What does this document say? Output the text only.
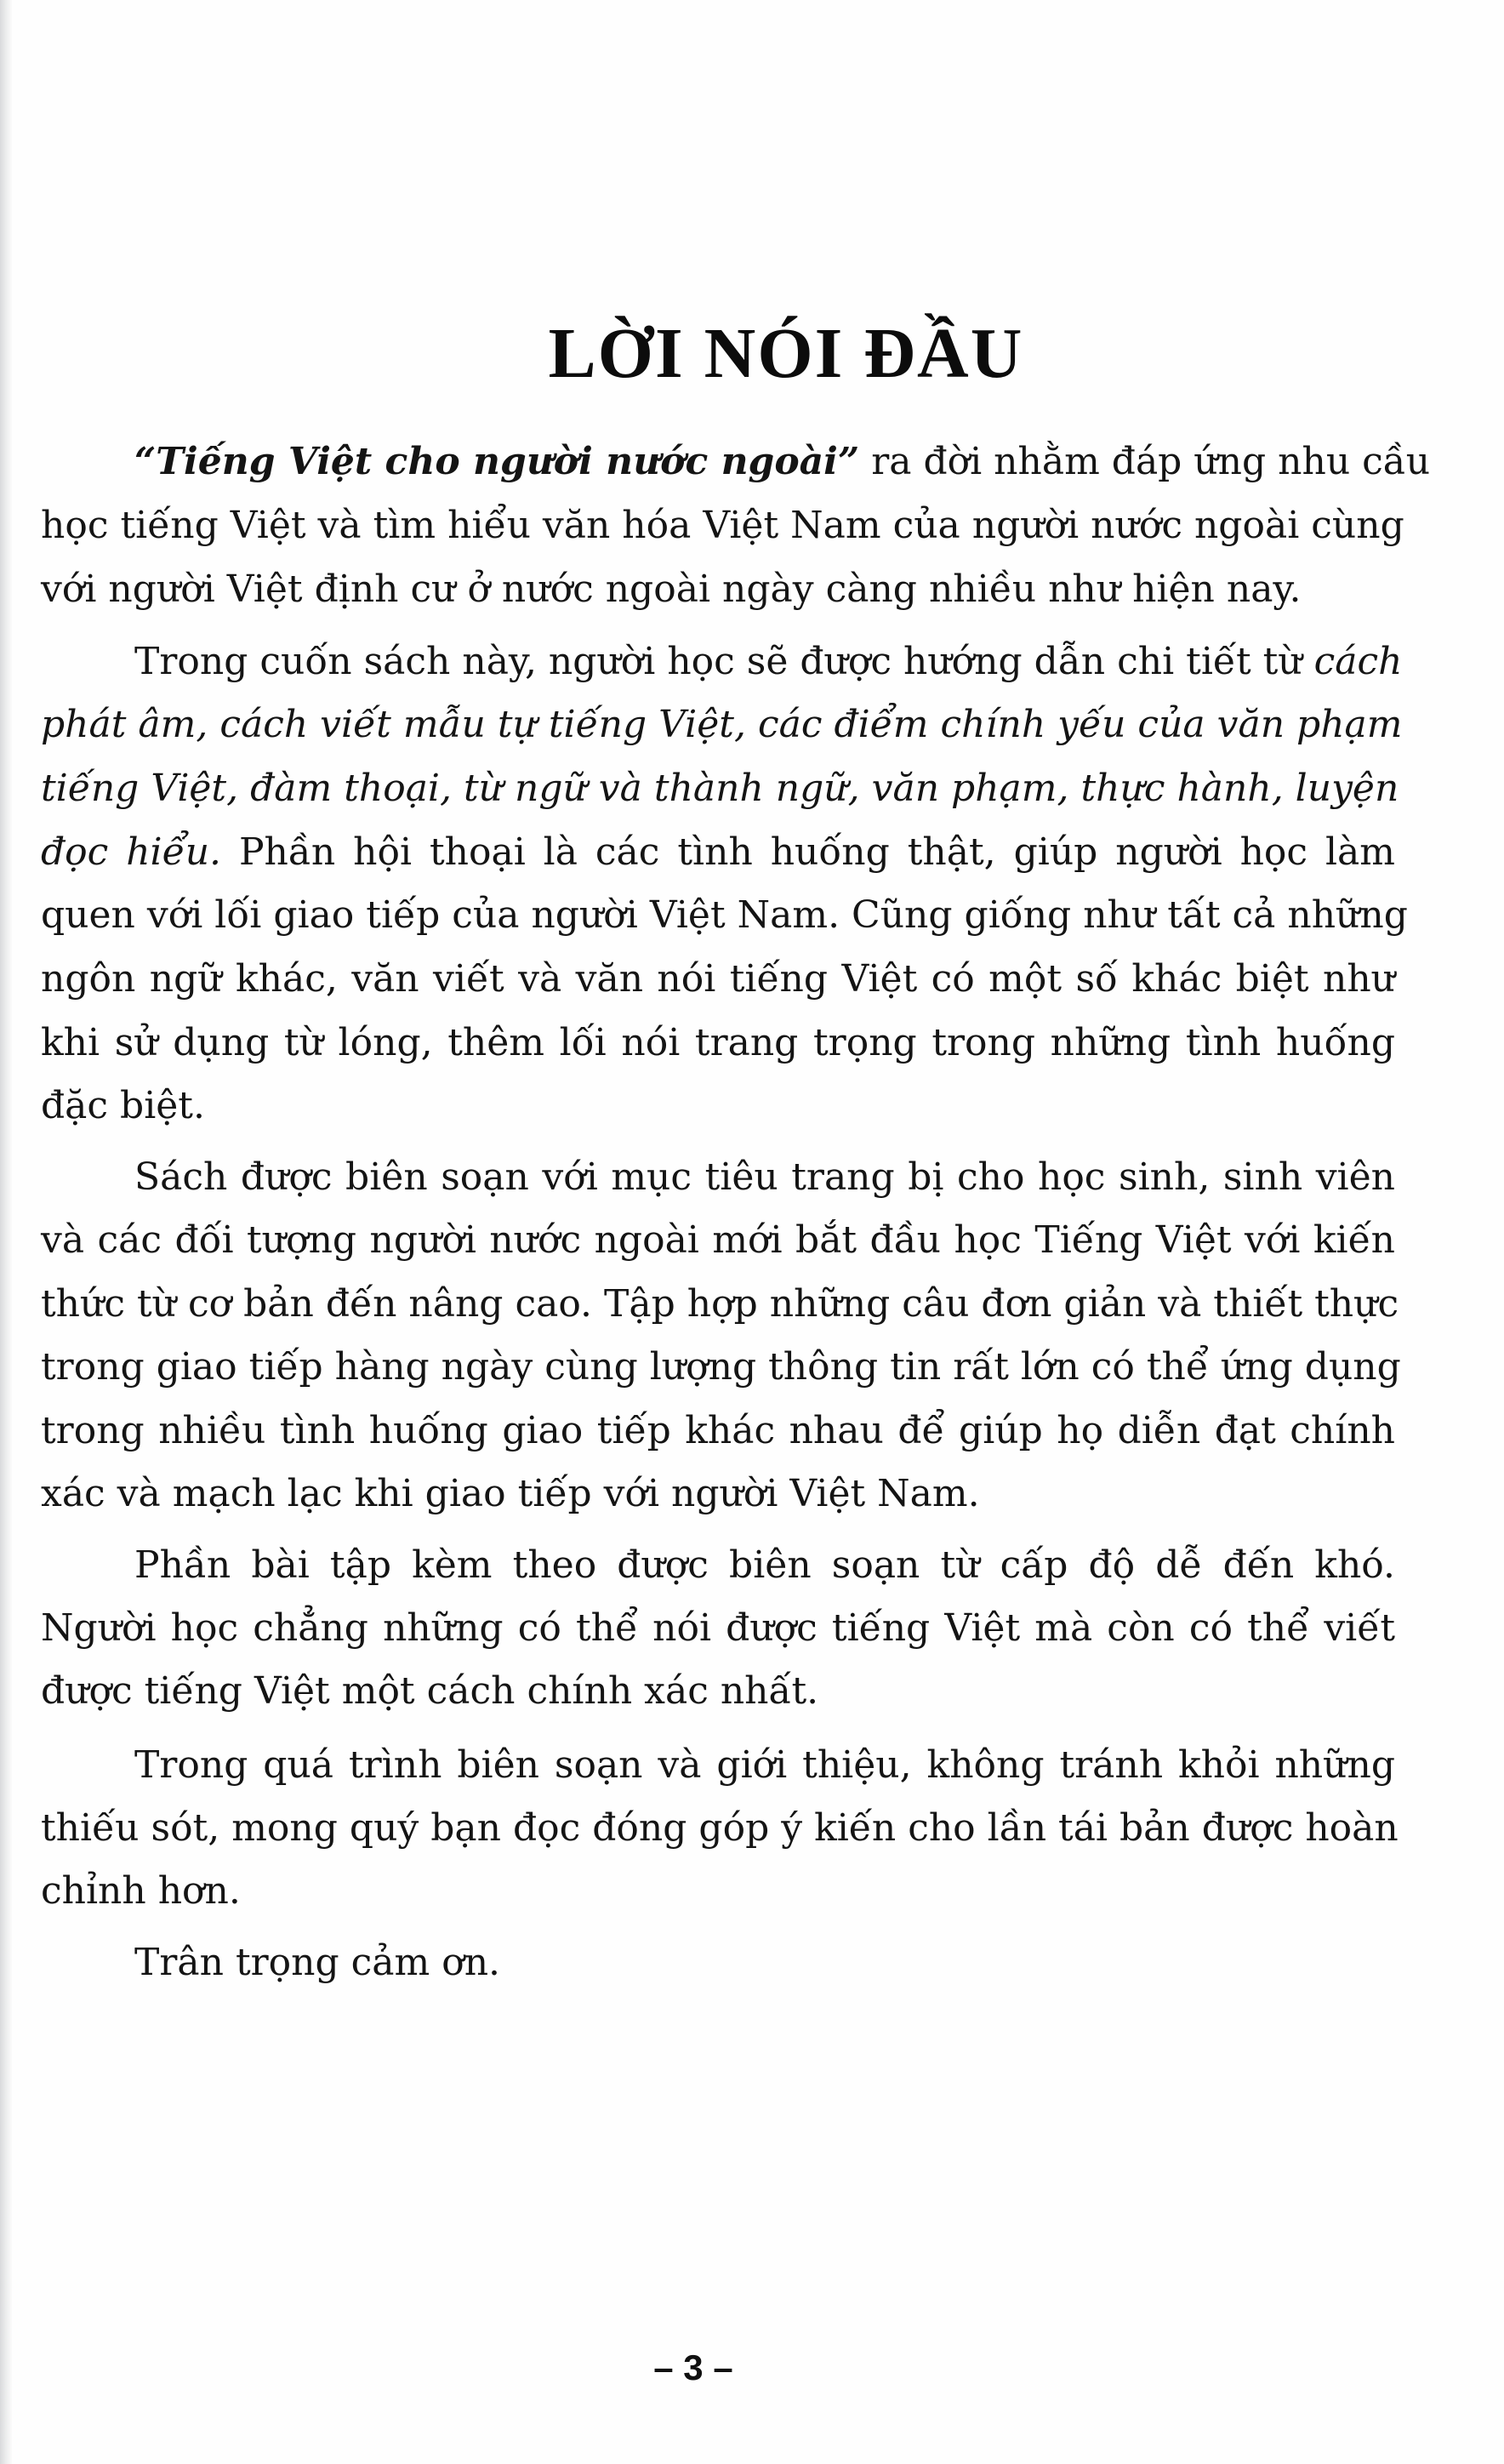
LỜI NÓI ĐẦU
“Tiếng Việt cho người nước ngoài” ra đời nhằm đáp ứng nhu cầu
học tiếng Việt và tìm hiểu văn hóa Việt Nam của người nước ngoài cùng
với người Việt định cư ở nước ngoài ngày càng nhiều như hiện nay.
Trong cuốn sách này, người học sẽ được hướng dẫn chi tiết từ cách
phát âm, cách viết mẫu tự tiếng Việt, các điểm chính yếu của văn phạm
tiếng Việt, đàm thoại, từ ngữ và thành ngữ, văn phạm, thực hành, luyện
đọc hiểu. Phần hội thoại là các tình huống thật, giúp người học làm
quen với lối giao tiếp của người Việt Nam. Cũng giống như tất cả những
ngôn ngữ khác, văn viết và văn nói tiếng Việt có một số khác biệt như
khi sử dụng từ lóng, thêm lối nói trang trọng trong những tình huống
đặc biệt.
Sách được biên soạn với mục tiêu trang bị cho học sinh, sinh viên
và các đối tượng người nước ngoài mới bắt đầu học Tiếng Việt với kiến
thức từ cơ bản đến nâng cao. Tập hợp những câu đơn giản và thiết thực
trong giao tiếp hàng ngày cùng lượng thông tin rất lớn có thể ứng dụng
trong nhiều tình huống giao tiếp khác nhau để giúp họ diễn đạt chính
xác và mạch lạc khi giao tiếp với người Việt Nam.
Phần bài tập kèm theo được biên soạn từ cấp độ dễ đến khó.
Người học chẳng những có thể nói được tiếng Việt mà còn có thể viết
được tiếng Việt một cách chính xác nhất.
Trong quá trình biên soạn và giới thiệu, không tránh khỏi những
thiếu sót, mong quý bạn đọc đóng góp ý kiến cho lần tái bản được hoàn
chỉnh hơn.
Trân trọng cảm ơn.
– 3 –
